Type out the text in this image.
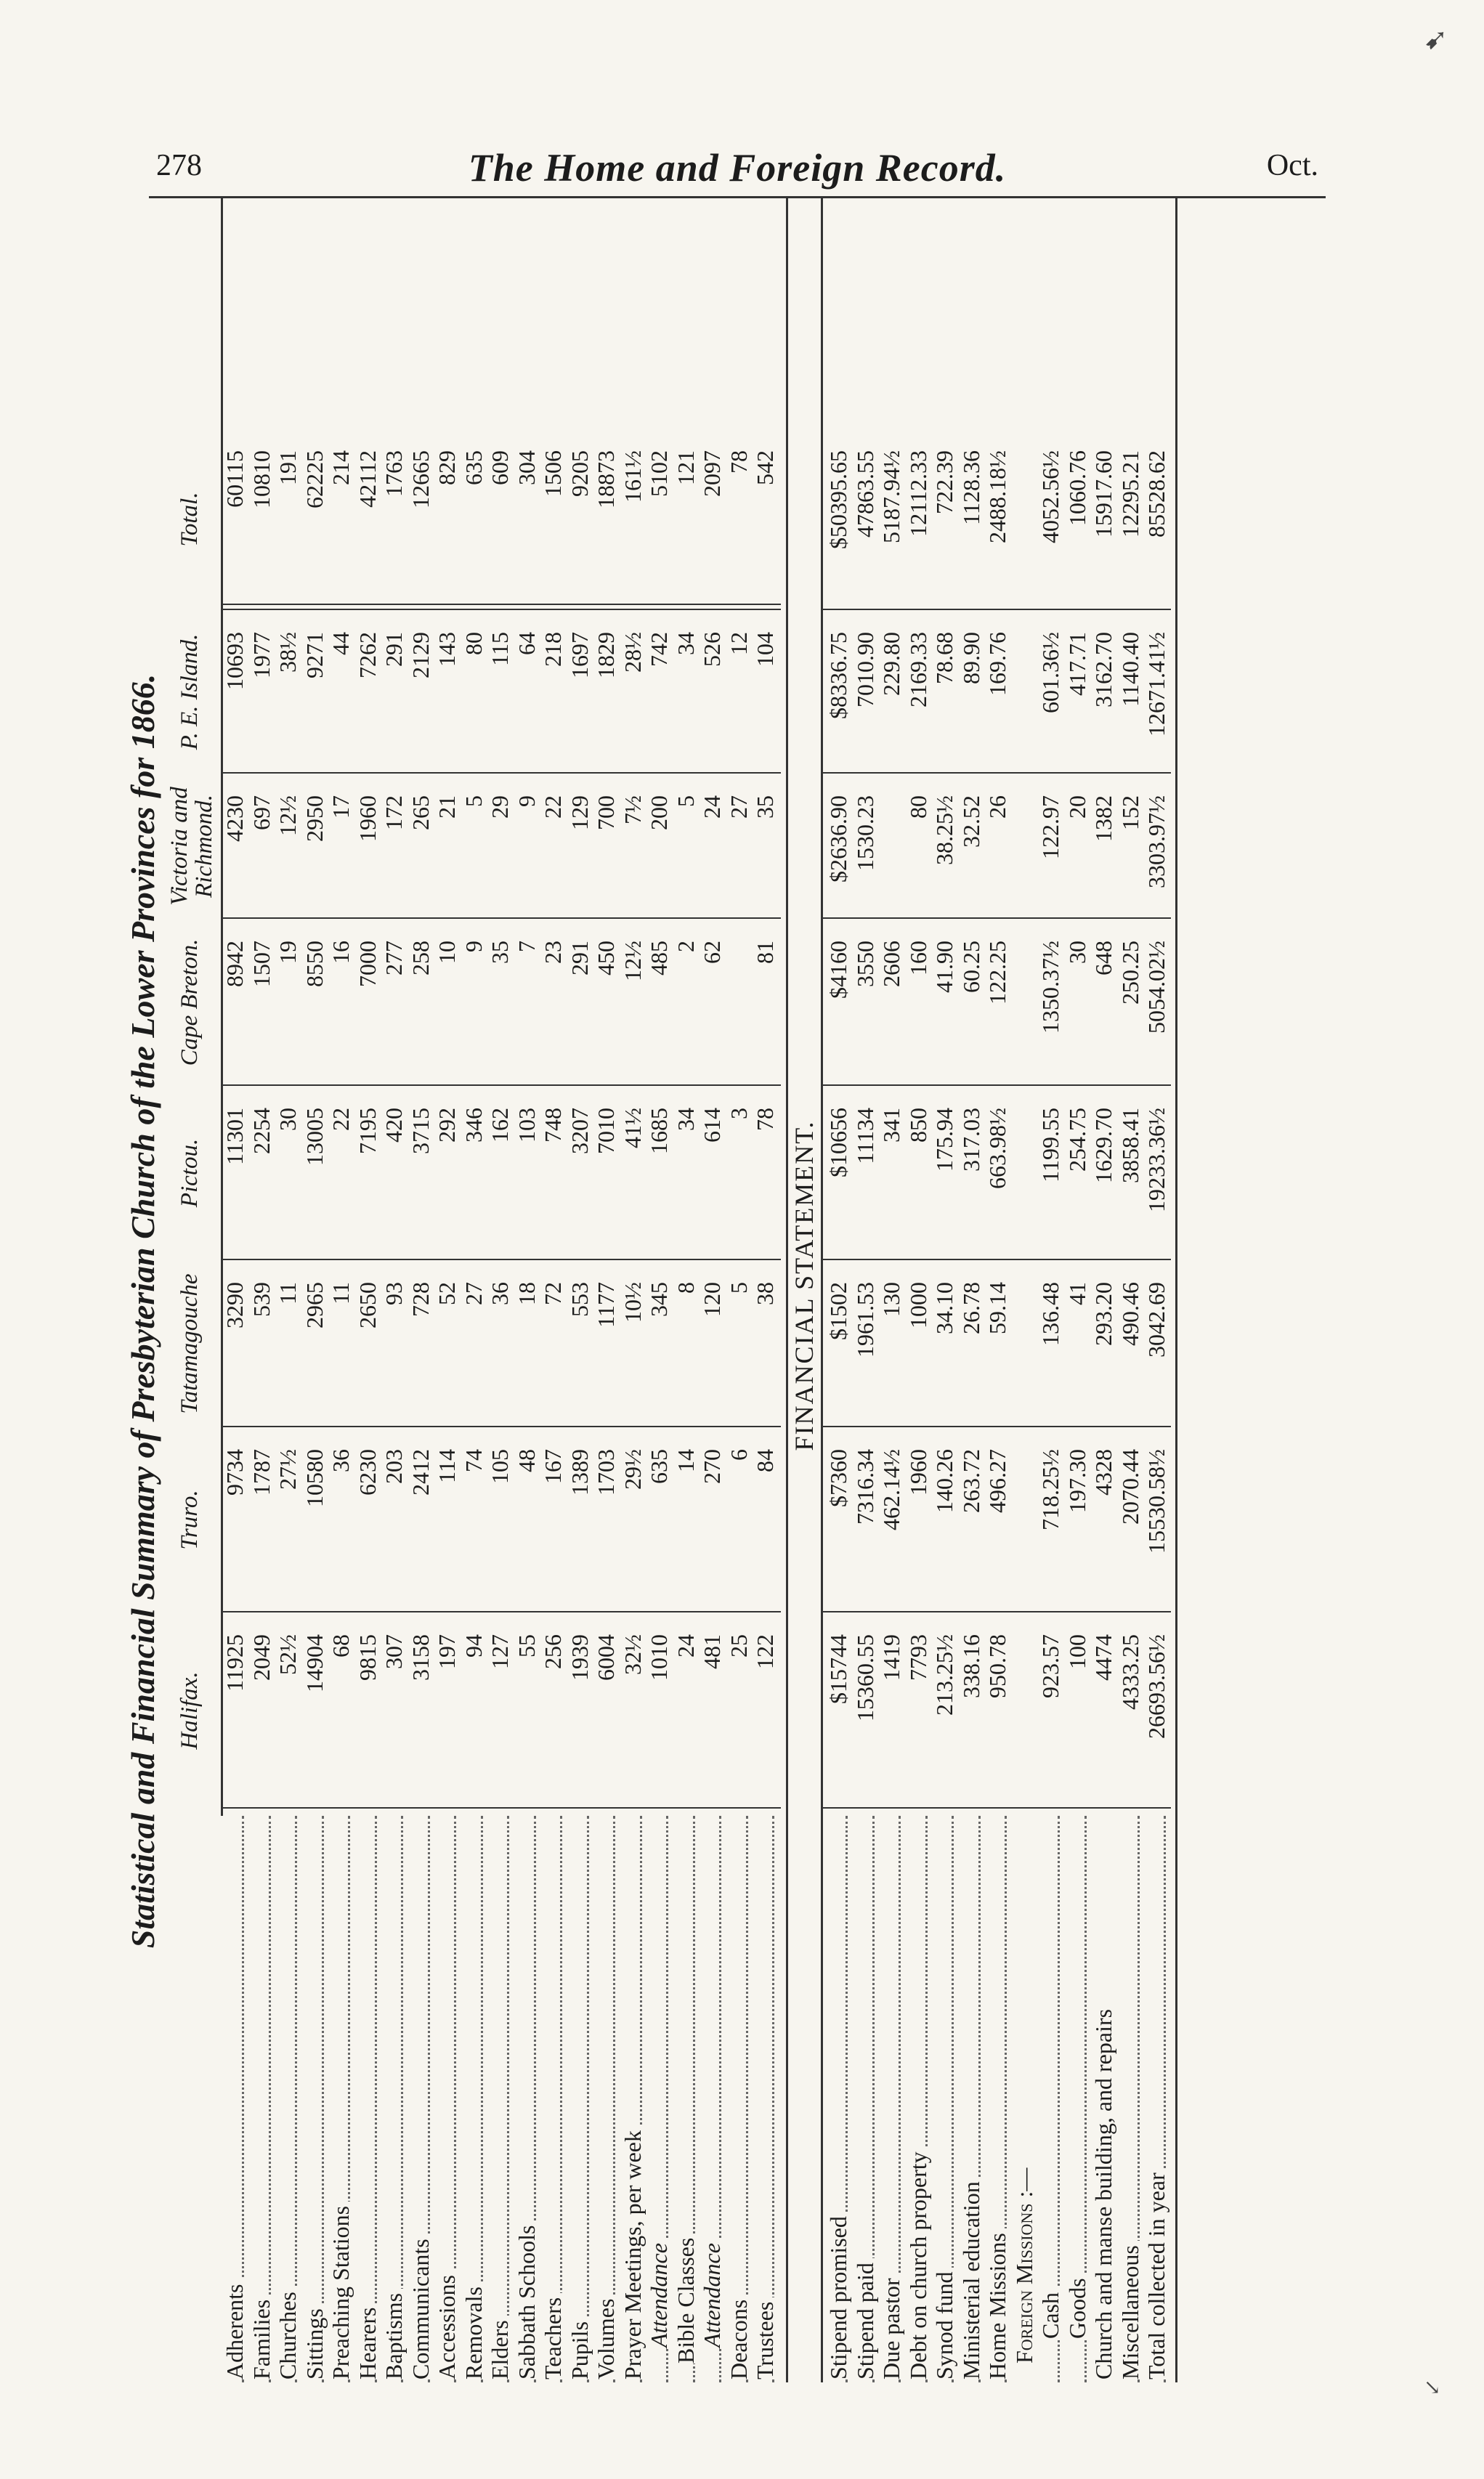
278	The Home and Foreign Record.	Oct.
➹
↘
Statistical and Financial Summary of Presbyterian Church of the Lower Provinces for 1866. Halifax.
Truro.
Tatamagouche
Pictou.
Cape Breton.
Victoria and Richmond.
P. E. Island.
Total.
Adherents Families Churches Sittings Preaching Stations Hearers Baptisms Communicants Accessions Removals Elders Sabbath Schools Teachers Pupils Volumes Prayer Meetings, per week Attendance Bible Classes Attendance Deacons Trustees
11925 2049 52½ 14904 68 9815 307 3158 197 94 127 55 256 1939 6004 32½ 1010 24 481 25 122
9734 1787 27½ 10580 36 6230 203 2412 114 74 105 48 167 1389 1703 29½ 635 14 270 6 84
3290 539 11 2965 11 2650 93 728 52 27 36 18 72 553 1177 10½ 345 8 120 5 38
11301 2254 30 13005 22 7195 420 3715 292 346 162 103 748 3207 7010 41½ 1685 34 614 3 78
8942 1507 19 8550 16 7000 277 258 10 9 35 7 23 291 450 12½ 485 2 62 81
4230 697 12½ 2950 17 1960 172 265 21 5 29 9 22 129 700 7½ 200 5 24 27 35
10693 1977 38½ 9271 44 7262 291 2129 143 80 115 64 218 1697 1829 28½ 742 34 526 12 104
60115 10810 191 62225 214 42112 1763 12665 829 635 609 304 1506 9205 18873 161½ 5102 121 2097 78 542
FINANCIAL STATEMENT.
Stipend promised Stipend paid Due pastor Debt on church property Synod fund Ministerial education Home Missions Foreign Missions :— Cash Goods Church and manse building, and repairs Miscellaneous Total collected in year
$15744 15360.55 1419 7793 213.25½ 338.16 950.78 923.57 100 4474 4333.25 26693.56½
$7360 7316.34 462.14½ 1960 140.26 263.72 496.27 718.25½ 197.30 4328 2070.44 15530.58½
$1502 1961.53 130 1000 34.10 26.78 59.14 136.48 41 293.20 490.46 3042.69
$10656 11134 341 850 175.94 317.03 663.98½ 1199.55 254.75 1629.70 3858.41 19233.36½
$4160 3550 2606 160 41.90 60.25 122.25 1350.37½ 30 648 250.25 5054.02½
$2636.90 1530.23 80 38.25½ 32.52 26 122.97 20 1382 152 3303.97½
$8336.75 7010.90 229.80 2169.33 78.68 89.90 169.76 601.36½ 417.71 3162.70 1140.40 12671.41½
$50395.65 47863.55 5187.94½ 12112.33 722.39 1128.36 2488.18½ 4052.56½ 1060.76 15917.60 12295.21 85528.62
